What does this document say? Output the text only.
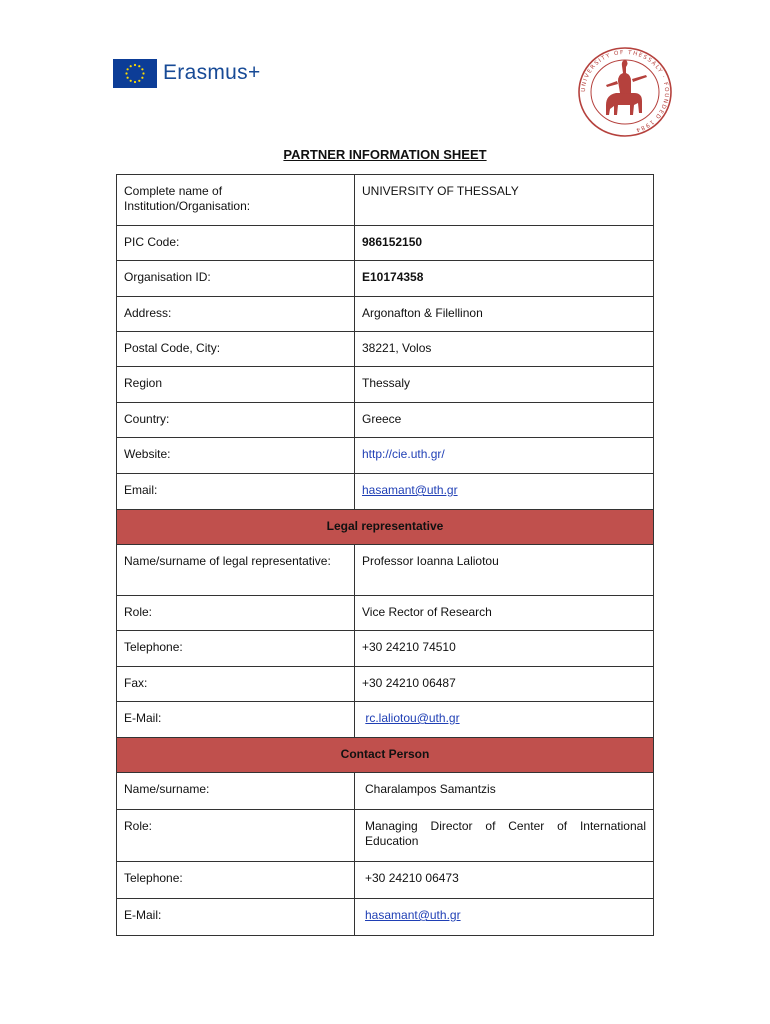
Erasmus+
UNIVERSITY OF THESSALY · FOUNDED 1984
PARTNER INFORMATION SHEET
Complete name of Institution/Organisation:	UNIVERSITY OF THESSALY
PIC Code:	986152150
Organisation ID:	E10174358
Address:	Argonafton & Filellinon
Postal Code, City:	38221, Volos
Region	Thessaly
Country:	Greece
Website:	http://cie.uth.gr/
Email:	hasamant@uth.gr
Legal representative	
Name/surname of legal representative:	Professor Ioanna Laliotou
Role:	Vice Rector of Research
Telephone:	+30 24210 74510
Fax:	+30 24210 06487
E-Mail:	rc.laliotou@uth.gr
Contact Person	
Name/surname:	Charalampos Samantzis
Role:	Managing Director of Center of International Education
Telephone:	+30 24210 06473
E-Mail:	hasamant@uth.gr
